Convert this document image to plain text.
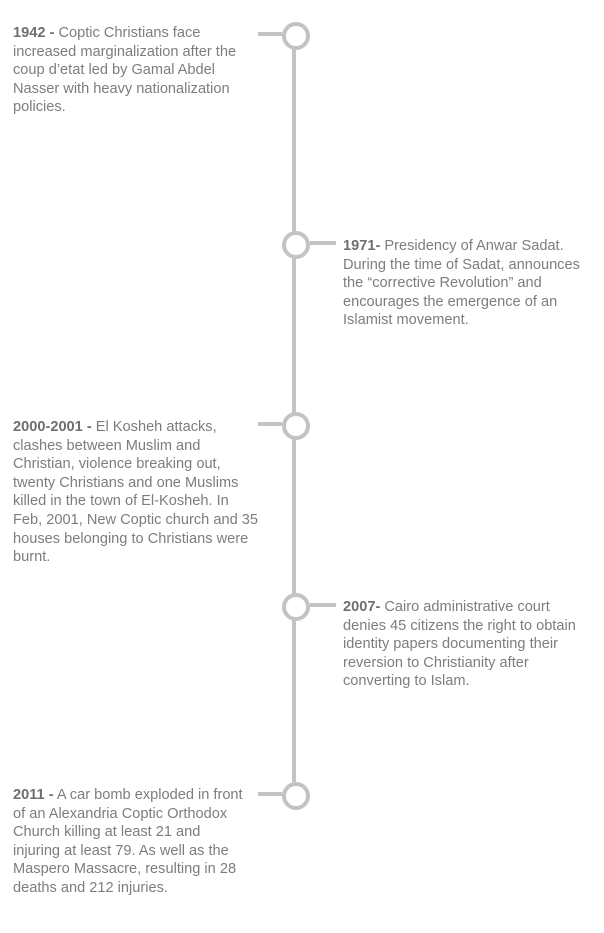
1942 - Coptic Christians face increased marginalization after the coup d’etat led by Gamal Abdel Nasser with heavy nationalization policies.
1971- Presidency of Anwar Sadat. During the time of Sadat, announces the “corrective Revolution” and encourages the emergence of an Islamist movement.
2000-2001 - El Kosheh attacks, clashes between Muslim and Christian, violence breaking out, twenty Christians and one Muslims killed in the town of El-Kosheh. In Feb, 2001, New Coptic church and 35 houses belonging to Christians were burnt.
2007- Cairo administrative court denies 45 citizens the right to obtain identity papers documenting their reversion to Christianity after converting to Islam.
2011 - A car bomb exploded in front of an Alexandria Coptic Orthodox Church killing at least 21 and injuring at least 79. As well as the Maspero Massacre, resulting in 28 deaths and 212 injuries.
